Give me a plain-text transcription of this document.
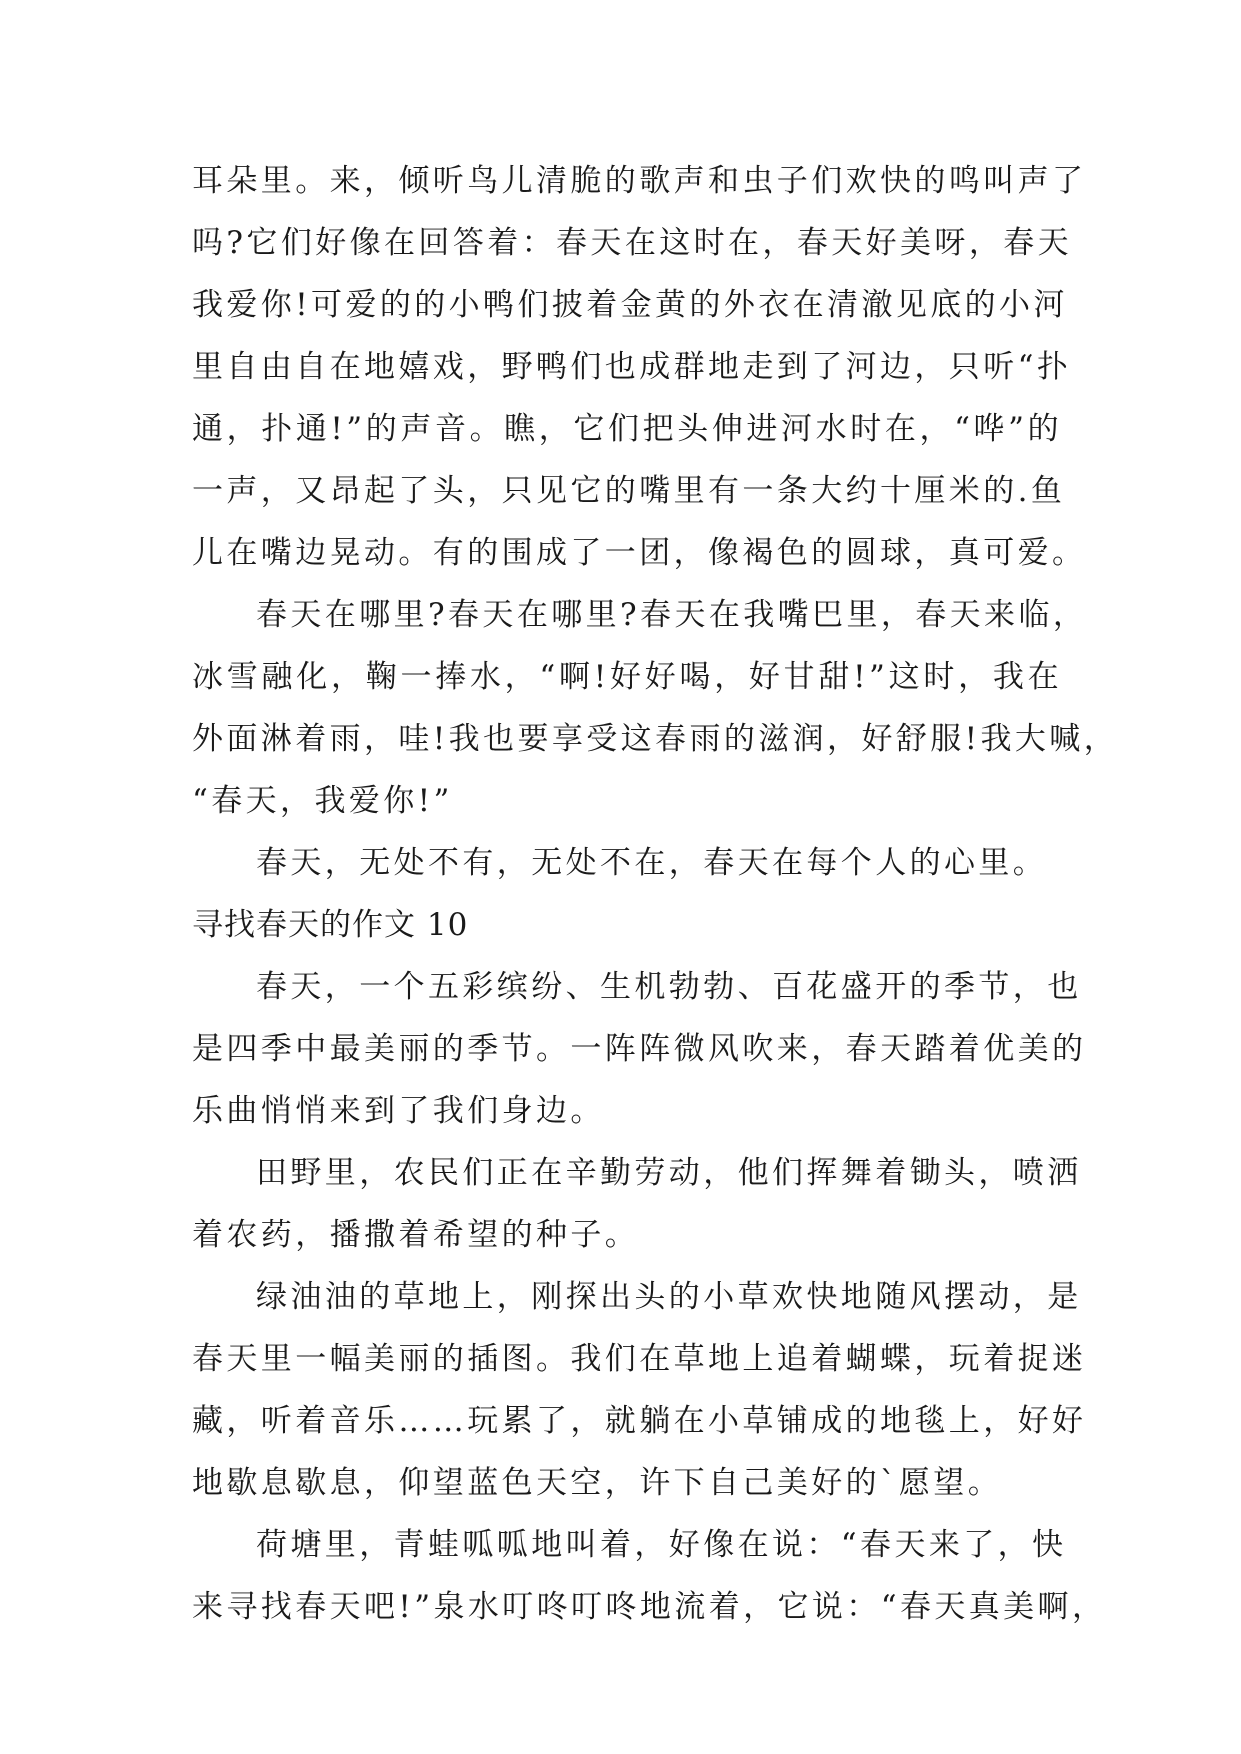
耳朵里。来，倾听鸟儿清脆的歌声和虫子们欢快的鸣叫声了
吗?它们好像在回答着：春天在这时在，春天好美呀，春天
我爱你!可爱的的小鸭们披着金黄的外衣在清澈见底的小河
里自由自在地嬉戏，野鸭们也成群地走到了河边，只听“扑
通，扑通!”的声音。瞧，它们把头伸进河水时在，“哗”的
一声，又昂起了头，只见它的嘴里有一条大约十厘米的.鱼
儿在嘴边晃动。有的围成了一团，像褐色的圆球，真可爱。
春天在哪里?春天在哪里?春天在我嘴巴里，春天来临，
冰雪融化，鞠一捧水，“啊!好好喝，好甘甜!”这时，我在
外面淋着雨，哇!我也要享受这春雨的滋润，好舒服!我大喊，
“春天，我爱你!”
春天，无处不有，无处不在，春天在每个人的心里。
寻找春天的作文 10
春天，一个五彩缤纷、生机勃勃、百花盛开的季节，也
是四季中最美丽的季节。一阵阵微风吹来，春天踏着优美的
乐曲悄悄来到了我们身边。
田野里，农民们正在辛勤劳动，他们挥舞着锄头，喷洒
着农药，播撒着希望的种子。
绿油油的草地上，刚探出头的小草欢快地随风摆动，是
春天里一幅美丽的插图。我们在草地上追着蝴蝶，玩着捉迷
藏，听着音乐……玩累了，就躺在小草铺成的地毯上，好好
地歇息歇息，仰望蓝色天空，许下自己美好的`愿望。
荷塘里，青蛙呱呱地叫着，好像在说：“春天来了，快
来寻找春天吧!”泉水叮咚叮咚地流着，它说：“春天真美啊，
